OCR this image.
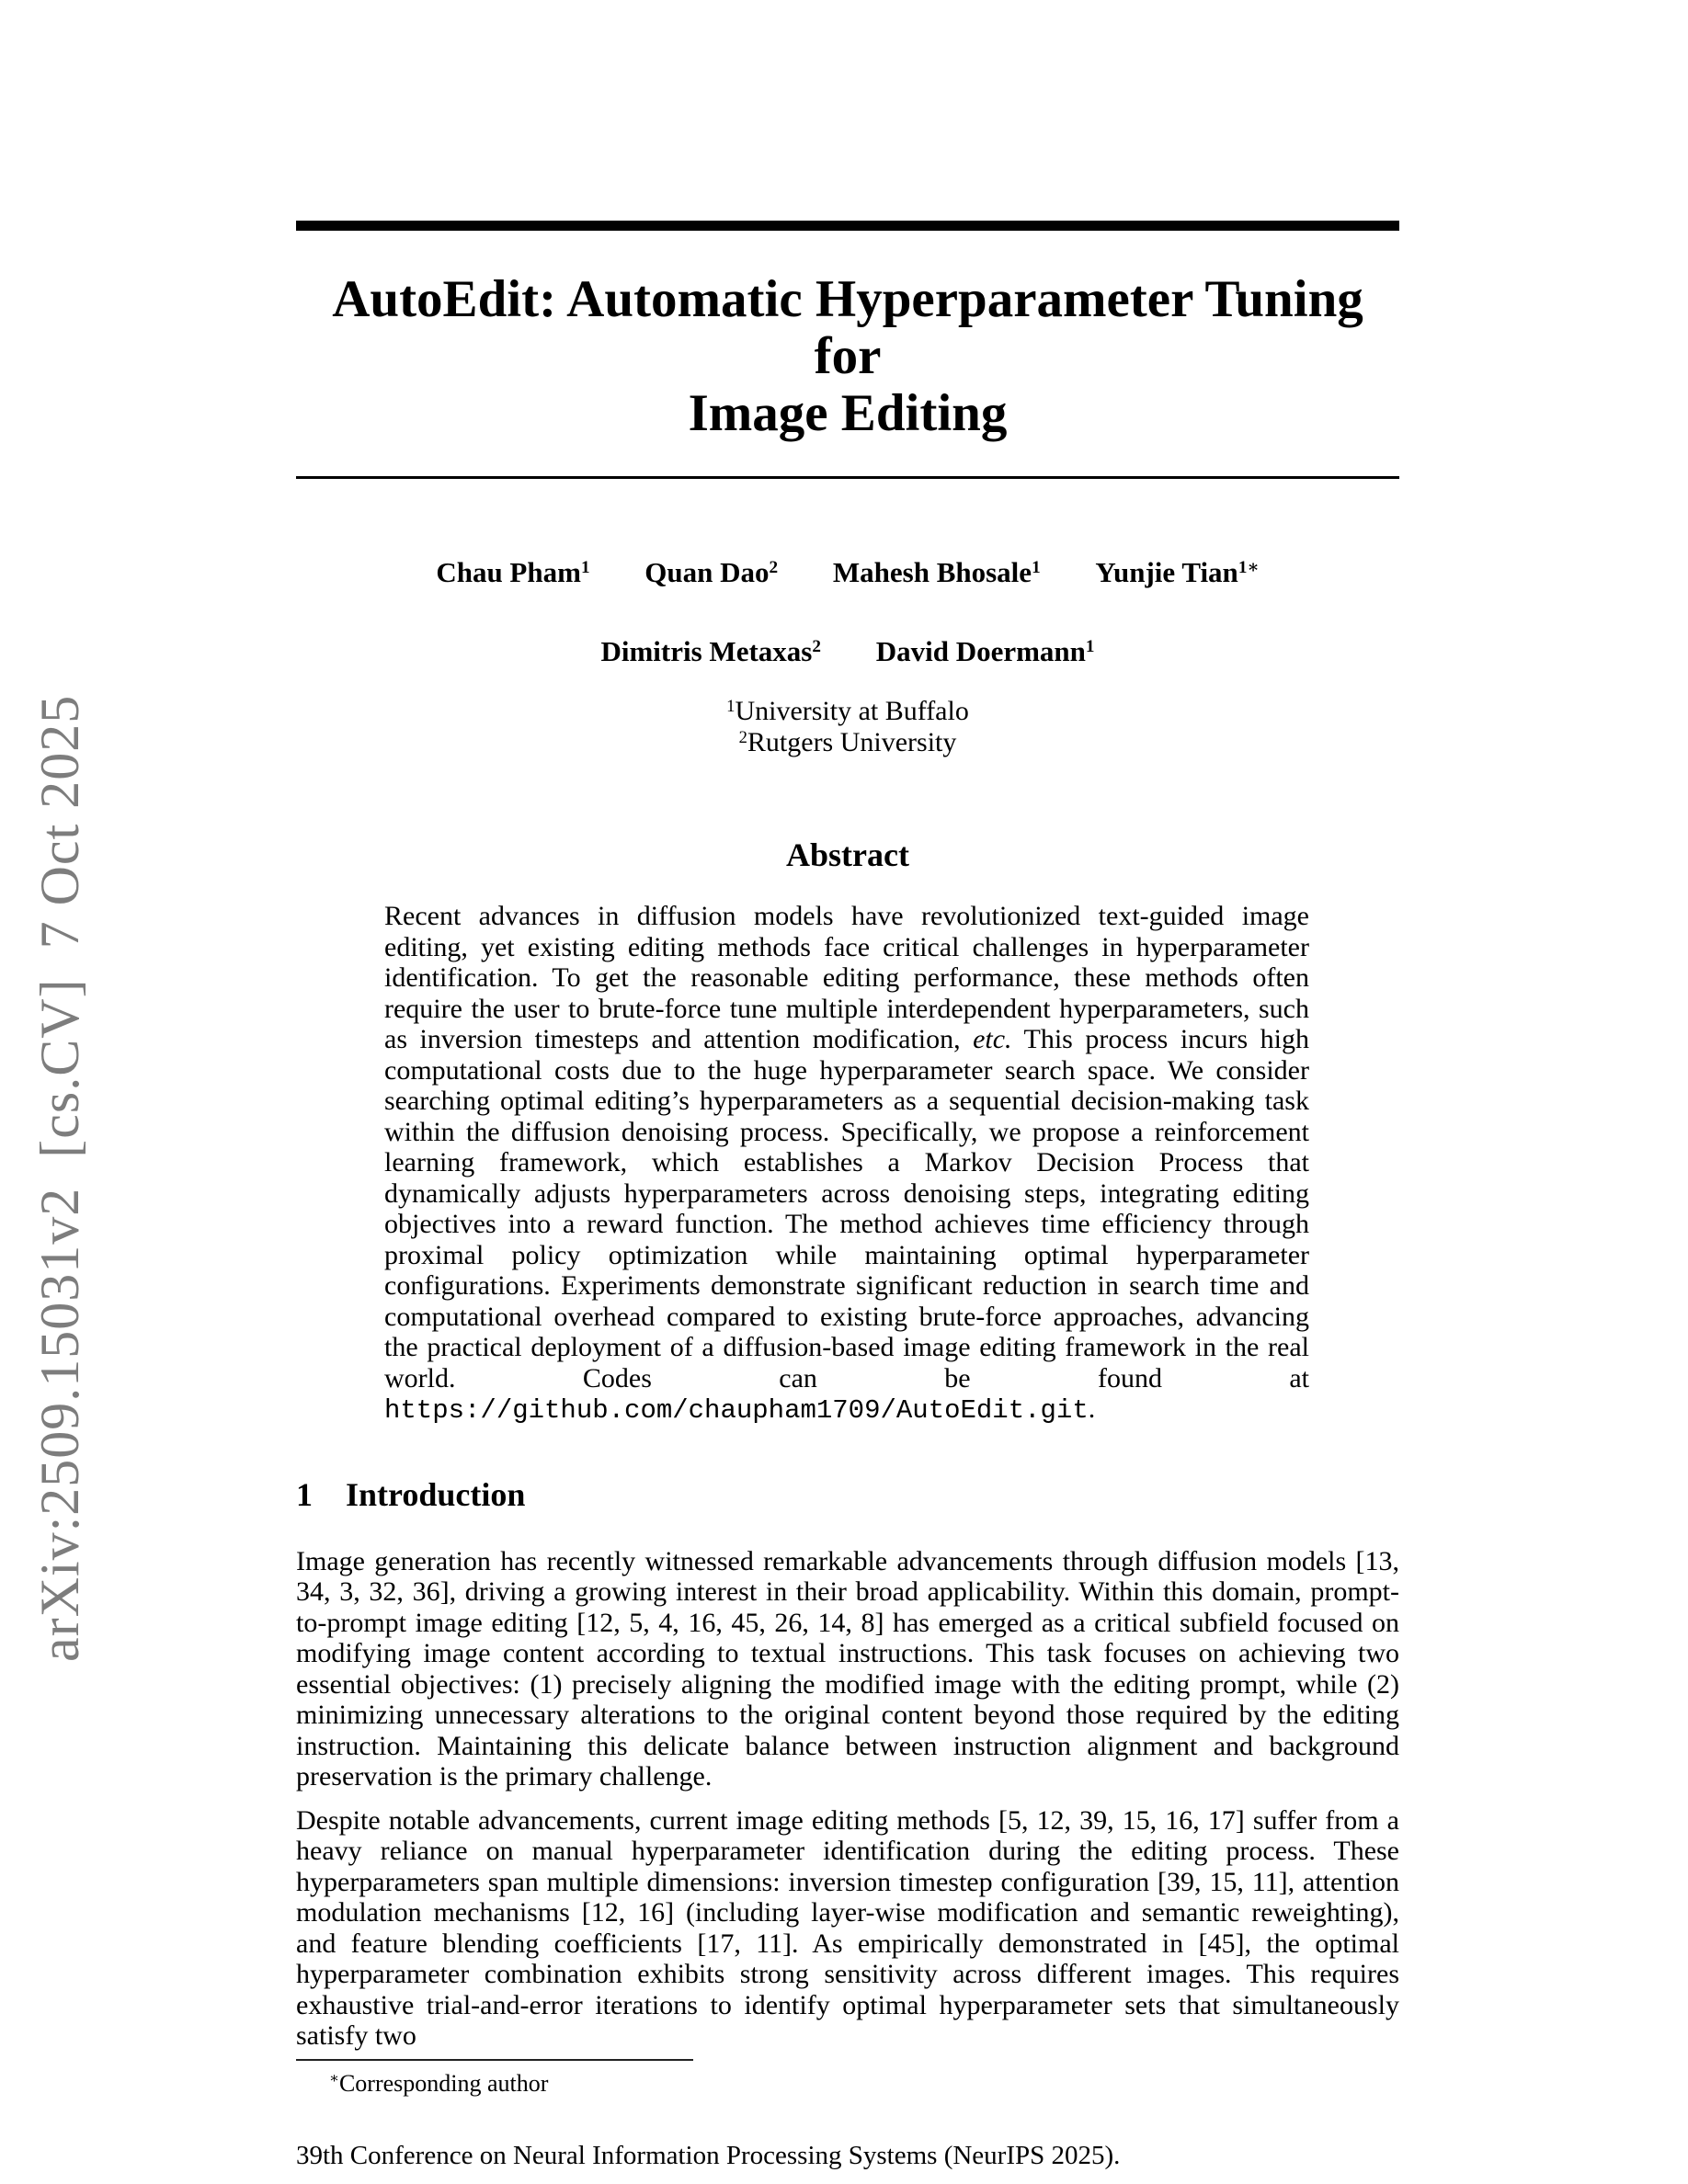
arXiv:2509.15031v2  [cs.CV]  7 Oct 2025
AutoEdit: Automatic Hyperparameter Tuning for
Image Editing
Chau Pham$^1$ Quan Dao$^2$ Mahesh Bhosale$^1$ Yunjie Tian$^{1∗}$
Dimitris Metaxas$^2$ David Doermann$^1$
$^1$University at Buffalo
$^2$Rutgers University
Abstract

Recent advances in diffusion models have revolutionized text-guided image editing, yet existing editing methods face critical challenges in hyperparameter identification. To get the reasonable editing performance, these methods often require the user to brute-force tune multiple interdependent hyperparameters, such as inversion timesteps and attention modification, etc. This process incurs high computational costs due to the huge hyperparameter search space. We consider searching optimal editing’s hyperparameters as a sequential decision-making task within the diffusion denoising process. Specifically, we propose a reinforcement learning framework, which establishes a Markov Decision Process that dynamically adjusts hyperparameters across denoising steps, integrating editing objectives into a reward function. The method achieves time efficiency through proximal policy optimization while maintaining optimal hyperparameter configurations. Experiments demonstrate significant reduction in search time and computational overhead compared to existing brute-force approaches, advancing the practical deployment of a diffusion-based image editing framework in the real world. Codes can be found at https://github.com/chaupham1709/AutoEdit.git.

1 Introduction

Image generation has recently witnessed remarkable advancements through diffusion models [13, 34, 3, 32, 36], driving a growing interest in their broad applicability. Within this domain, prompt-to-prompt image editing [12, 5, 4, 16, 45, 26, 14, 8] has emerged as a critical subfield focused on modifying image content according to textual instructions. This task focuses on achieving two essential objectives: (1) precisely aligning the modified image with the editing prompt, while (2) minimizing unnecessary alterations to the original content beyond those required by the editing instruction. Maintaining this delicate balance between instruction alignment and background preservation is the primary challenge.

Despite notable advancements, current image editing methods [5, 12, 39, 15, 16, 17] suffer from a heavy reliance on manual hyperparameter identification during the editing process. These hyperparameters span multiple dimensions: inversion timestep configuration [39, 15, 11], attention modulation mechanisms [12, 16] (including layer-wise modification and semantic reweighting), and feature blending coefficients [17, 11]. As empirically demonstrated in [45], the optimal hyperparameter combination exhibits strong sensitivity across different images. This requires exhaustive trial-and-error iterations to identify optimal hyperparameter sets that simultaneously satisfy two

∗Corresponding author
39th Conference on Neural Information Processing Systems (NeurIPS 2025).
